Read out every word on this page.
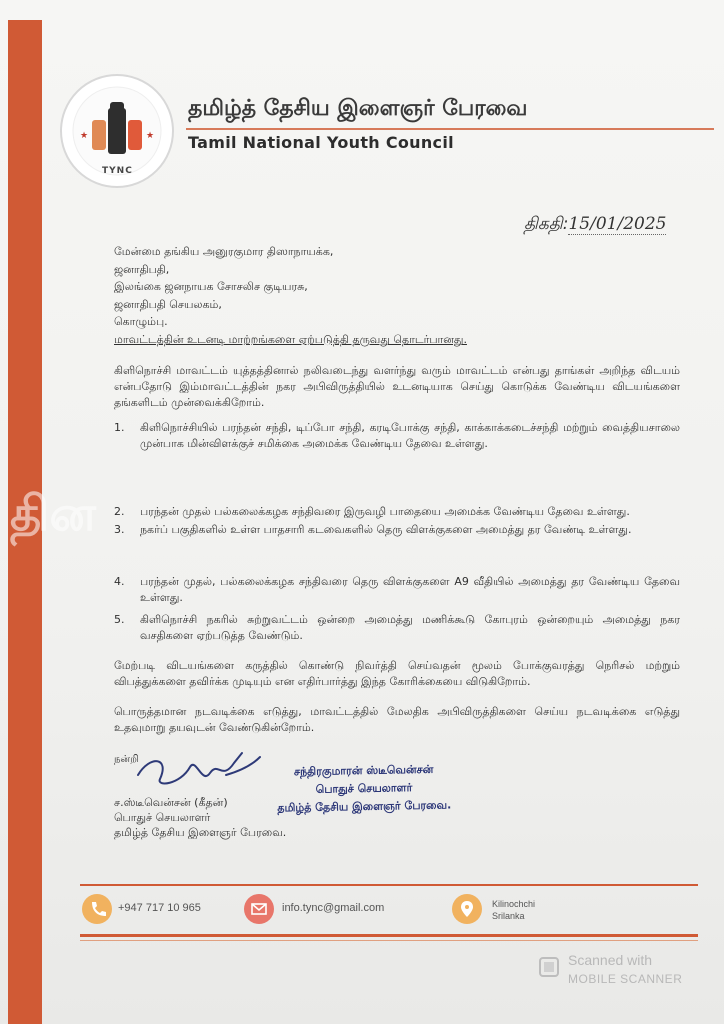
★	★
TYNC
தமிழ்த் தேசிய இளைஞர் பேரவை
Tamil National Youth Council
தின
திகதி:15/01/2025
மேன்மை தங்கிய அனுரகுமார திஸாநாயக்க,
ஜனாதிபதி,
இலங்கை ஜனநாயக சோசலிச குடியரசு,
ஜனாதிபதி செயலகம்,
கொழும்பு.
மாவட்டத்தின் உடனடி மாற்றங்களை ஏற்படுத்தி தருவது தொடர்பானது.
கிளிநொச்சி மாவட்டம் யுத்தத்தினால் நலிவடைந்து வளர்ந்து வரும் மாவட்டம் என்பது தாங்கள் அறிந்த விடயம் என்பதோடு இம்மாவட்டத்தின் நகர அபிவிருத்தியில் உடனடியாக செய்து கொடுக்க வேண்டிய விடயங்களை தங்களிடம் முன்வைக்கிறோம்.
1. கிளிநொச்சியில் பரந்தன் சந்தி, டிப்போ சந்தி, கரடிபோக்கு சந்தி, காக்காக்கடைச்சந்தி மற்றும் வைத்தியசாலை முன்பாக மின்விளக்குச் சமிக்கை அமைக்க வேண்டிய தேவை உள்ளது.
2. பரந்தன் முதல் பல்கலைக்கழக சந்திவரை இருவழி பாதையை அமைக்க வேண்டிய தேவை உள்ளது.
3. நகர்ப் பகுதிகளில் உள்ள பாதசாரி கடவைகளில் தெரு விளக்குகளை அமைத்து தர வேண்டி உள்ளது.
4. பரந்தன் முதல், பல்கலைக்கழக சந்திவரை தெரு விளக்குகளை A9 வீதியில் அமைத்து தர வேண்டிய தேவை உள்ளது.
5. கிளிநொச்சி நகரில் சுற்றுவட்டம் ஒன்றை அமைத்து மணிக்கூடு கோபுரம் ஒன்றையும் அமைத்து நகர வசதிகளை ஏற்படுத்த வேண்டும்.
மேற்படி விடயங்களை கருத்தில் கொண்டு நிவர்த்தி செய்வதன் மூலம் போக்குவரத்து நெரிசல் மற்றும் விபத்துக்களை தவிர்க்க முடியும் என எதிர்பார்த்து இந்த கோரிக்கையை விடுகிறோம்.
பொருத்தமான நடவடிக்கை எடுத்து, மாவட்டத்தில் மேலதிக அபிவிருத்திகளை செய்ய நடவடிக்கை எடுத்து உதவுமாறு தயவுடன் வேண்டுகின்றோம்.
நன்றி
சந்திரகுமாரன் ஸ்டீவென்சன்
பொதுச் செயலாளர்
தமிழ்த் தேசிய இளைஞர் பேரவை.
ச.ஸ்டீவென்சன் (கீதன்)
பொதுச் செயலாளர்
தமிழ்த் தேசிய இளைஞர் பேரவை.
+947 717 10 965	info.tync@gmail.com	Kilinochchi
Srilanka
Scanned with
MOBILE SCANNER
